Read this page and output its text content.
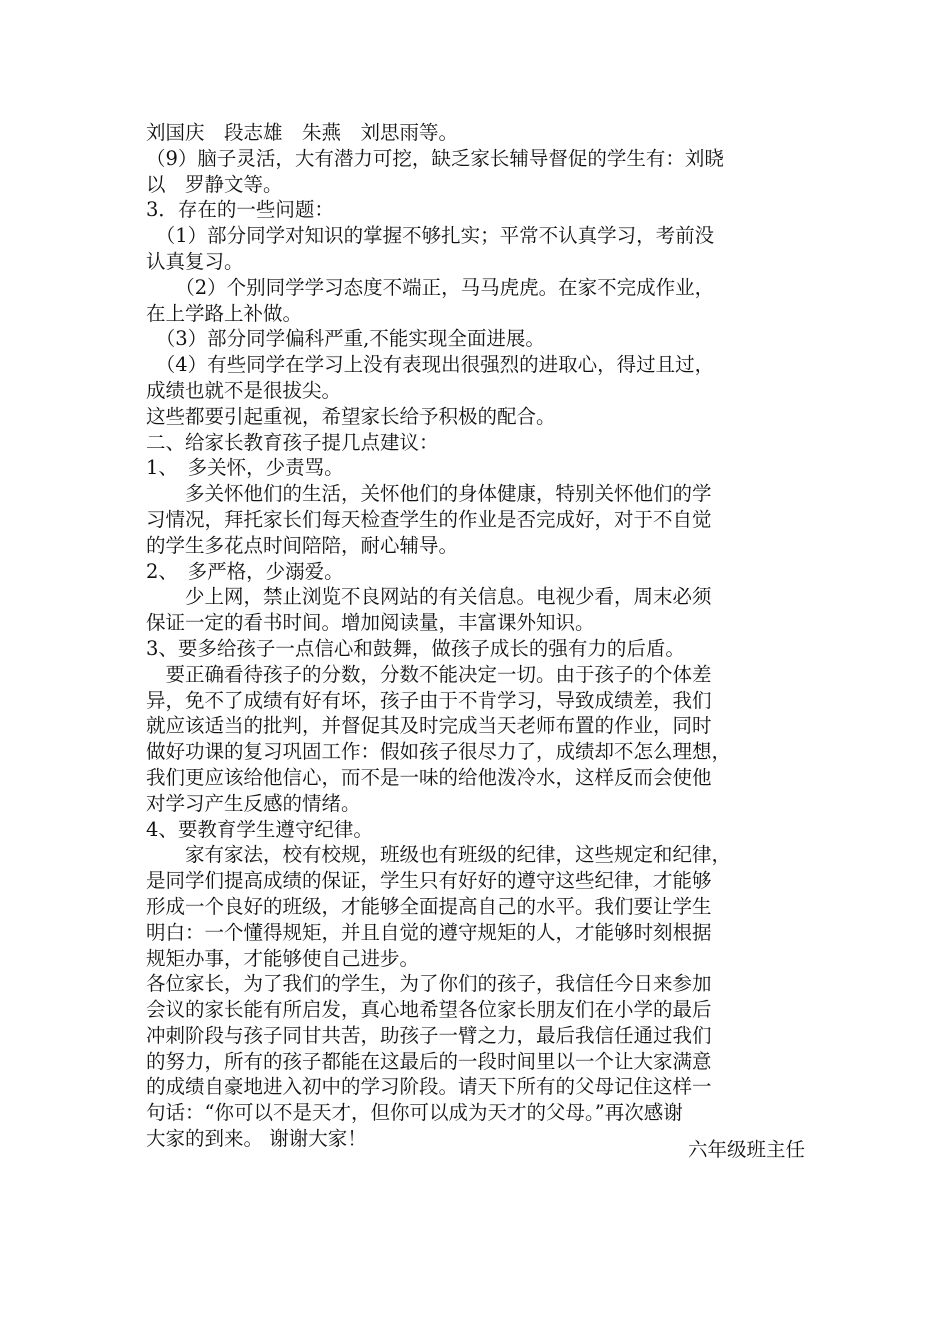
刘国庆　段志雄　朱燕　刘思雨等。

（9）脑子灵活，大有潜力可挖，缺乏家长辅导督促的学生有：刘晓

以　罗静文等。

3．存在的一些问题：

　（1）部分同学对知识的掌握不够扎实；平常不认真学习，考前没

认真复习。

　　（2）个别同学学习态度不端正，马马虎虎。在家不完成作业，

在上学路上补做。

　（3）部分同学偏科严重,不能实现全面进展。

　（4）有些同学在学习上没有表现出很强烈的进取心，得过且过，

成绩也就不是很拔尖。

这些都要引起重视，希望家长给予积极的配合。

二、给家长教育孩子提几点建议：

1、　多关怀，少责骂。

　　多关怀他们的生活，关怀他们的身体健康，特别关怀他们的学

习情况，拜托家长们每天检查学生的作业是否完成好，对于不自觉

的学生多花点时间陪陪，耐心辅导。

2、　多严格，少溺爱。

　　少上网，禁止浏览不良网站的有关信息。电视少看，周末必须

保证一定的看书时间。增加阅读量，丰富课外知识。

3、要多给孩子一点信心和鼓舞，做孩子成长的强有力的后盾。

　要正确看待孩子的分数，分数不能决定一切。由于孩子的个体差

异，免不了成绩有好有坏，孩子由于不肯学习，导致成绩差，我们

就应该适当的批判，并督促其及时完成当天老师布置的作业，同时

做好功课的复习巩固工作：假如孩子很尽力了，成绩却不怎么理想，

我们更应该给他信心，而不是一味的给他泼冷水，这样反而会使他

对学习产生反感的情绪。

4、要教育学生遵守纪律。

　　家有家法，校有校规，班级也有班级的纪律，这些规定和纪律，

是同学们提高成绩的保证，学生只有好好的遵守这些纪律，才能够

形成一个良好的班级，才能够全面提高自己的水平。我们要让学生

明白：一个懂得规矩，并且自觉的遵守规矩的人，才能够时刻根据

规矩办事，才能够使自己进步。

各位家长，为了我们的学生，为了你们的孩子，我信任今日来参加

会议的家长能有所启发，真心地希望各位家长朋友们在小学的最后

冲刺阶段与孩子同甘共苦，助孩子一臂之力，最后我信任通过我们

的努力，所有的孩子都能在这最后的一段时间里以一个让大家满意

的成绩自豪地进入初中的学习阶段。请天下所有的父母记住这样一

句话：“你可以不是天才，但你可以成为天才的父母。”再次感谢

大家的到来。 谢谢大家！	六年级班主任
